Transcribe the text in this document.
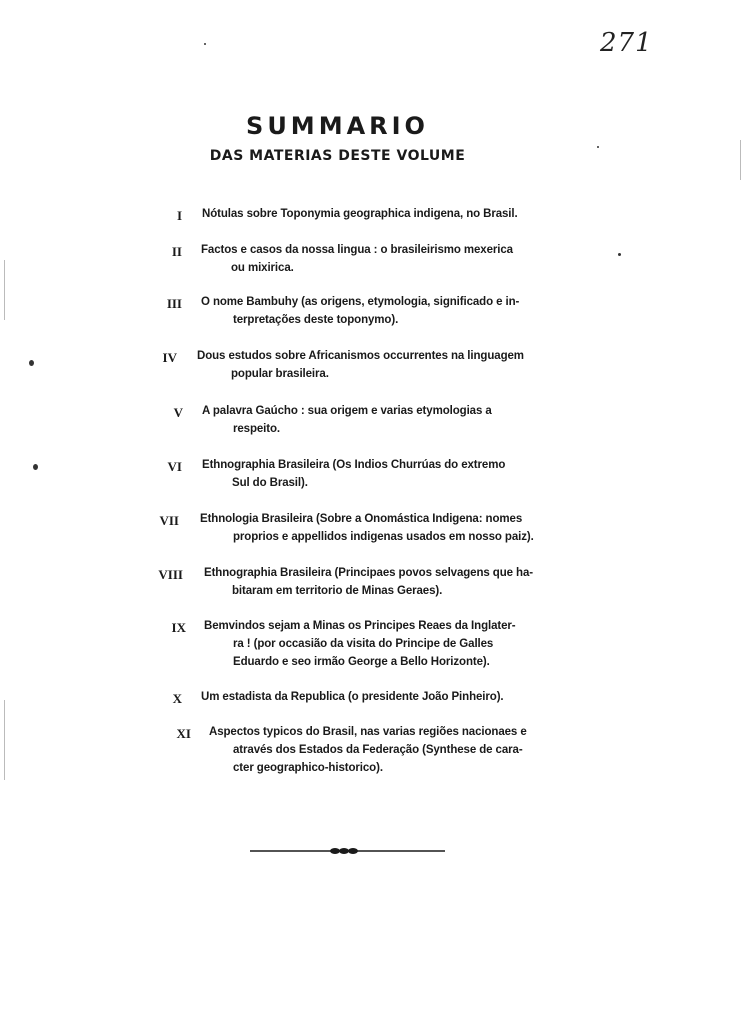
271
SUMMARIO
DAS MATERIAS DESTE VOLUME
I Nótulas sobre Toponymia geographica indigena, no Brasil.
II Factos e casos da nossa lingua : o brasileirismo mexerica
ou mixirica.
III O nome Bambuhy (as origens, etymologia, significado e in-
terpretações deste toponymo).
IV Dous estudos sobre Africanismos occurrentes na linguagem
popular brasileira.
V A palavra Gaúcho : sua origem e varias etymologias a
respeito.
VI Ethnographia Brasileira (Os Indios Churrúas do extremo
Sul do Brasil).
VII Ethnologia Brasileira (Sobre a Onomástica Indigena: nomes
proprios e appellidos indigenas usados em nosso paiz).
VIII Ethnographia Brasileira (Principaes povos selvagens que ha-
bitaram em territorio de Minas Geraes).
IX Bemvindos sejam a Minas os Principes Reaes da Inglater-
ra ! (por occasião da visita do Principe de Galles
Eduardo e seo irmão George a Bello Horizonte).
X Um estadista da Republica (o presidente João Pinheiro).
XI Aspectos typicos do Brasil, nas varias regiões nacionaes e
através dos Estados da Federação (Synthese de cara-
cter geographico-historico).
